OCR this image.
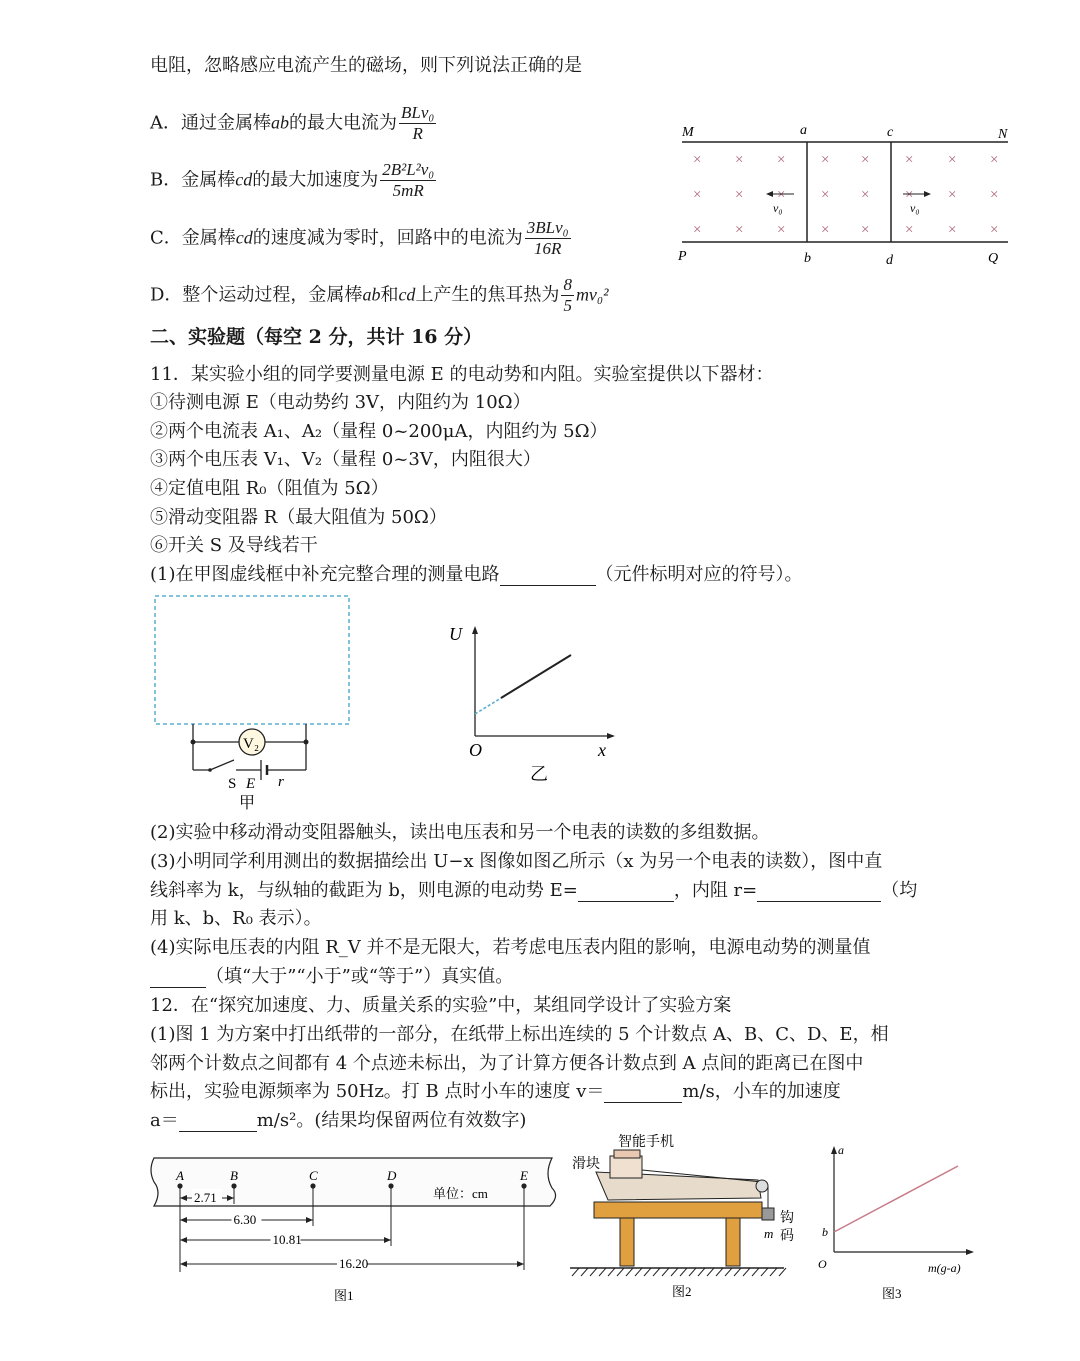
电阻，忽略感应电流产生的磁场，则下列说法正确的是
A．通过金属棒ab的最大电流为 $\frac{\text{BLv₀}}{R}$
B．金属棒cd的最大加速度为 $\frac{\text{2B²L²v₀}}{5mR}$
C．金属棒cd的速度减为零时，回路中的电流为 $\frac{\text{3BLv₀}}{16R}$
D．整个运动过程，金属棒ab和cd上产生的焦耳热为 $\frac{8}{5} mv_0^2$
× × × × × × × ×
× × × × × × × ×
× × × × × × × ×
M	a	c	N
P	b	d	Q
v₀	v₀
二、实验题（每空 2 分，共计 16 分）
11．某实验小组的同学要测量电源 E 的电动势和内阻。实验室提供以下器材：
①待测电源 E（电动势约 3V，内阻约为 10Ω）
②两个电流表 A₁、A₂（量程 0~200μA，内阻约为 5Ω）
③两个电压表 V₁、V₂（量程 0~3V，内阻很大）
④定值电阻 R₀（阻值为 5Ω）
⑤滑动变阻器 R（最大阻值为 50Ω）
⑥开关 S 及导线若干
(1)在甲图虚线框中补充完整合理的测量电路	（元件标明对应的符号）。
V₂
S E r
甲
U
O	x
乙
(2)实验中移动滑动变阻器触头，读出电压表和另一个电表的读数的多组数据。
(3)小明同学利用测出的数据描绘出 U−x 图像如图乙所示（x 为另一个电表的读数），图中直
线斜率为 k，与纵轴的截距为 b，则电源的电动势 E=	，内阻 r=	（均
用 k、b、R₀ 表示）。
(4)实际电压表的内阻 R_V 并不是无限大，若考虑电压表内阻的影响，电源电动势的测量值
（填“大于”“小于”或“等于”）真实值。
12．在“探究加速度、力、质量关系的实验”中，某组同学设计了实验方案
(1)图 1 为方案中打出纸带的一部分，在纸带上标出连续的 5 个计数点 A、B、C、D、E，相
邻两个计数点之间都有 4 个点迹未标出，为了计算方便各计数点到 A 点间的距离已在图中
标出，实验电源频率为 50Hz。打 B 点时小车的速度 v＝	m/s，小车的加速度
a＝	m/s²。(结果均保留两位有效数字)
A	B	C	D	E
单位：cm
2.71
6.30
10.81
16.20
图1
智能手机
滑块
钩
码
m
图2
a
b
O	m(g-a)
图3
